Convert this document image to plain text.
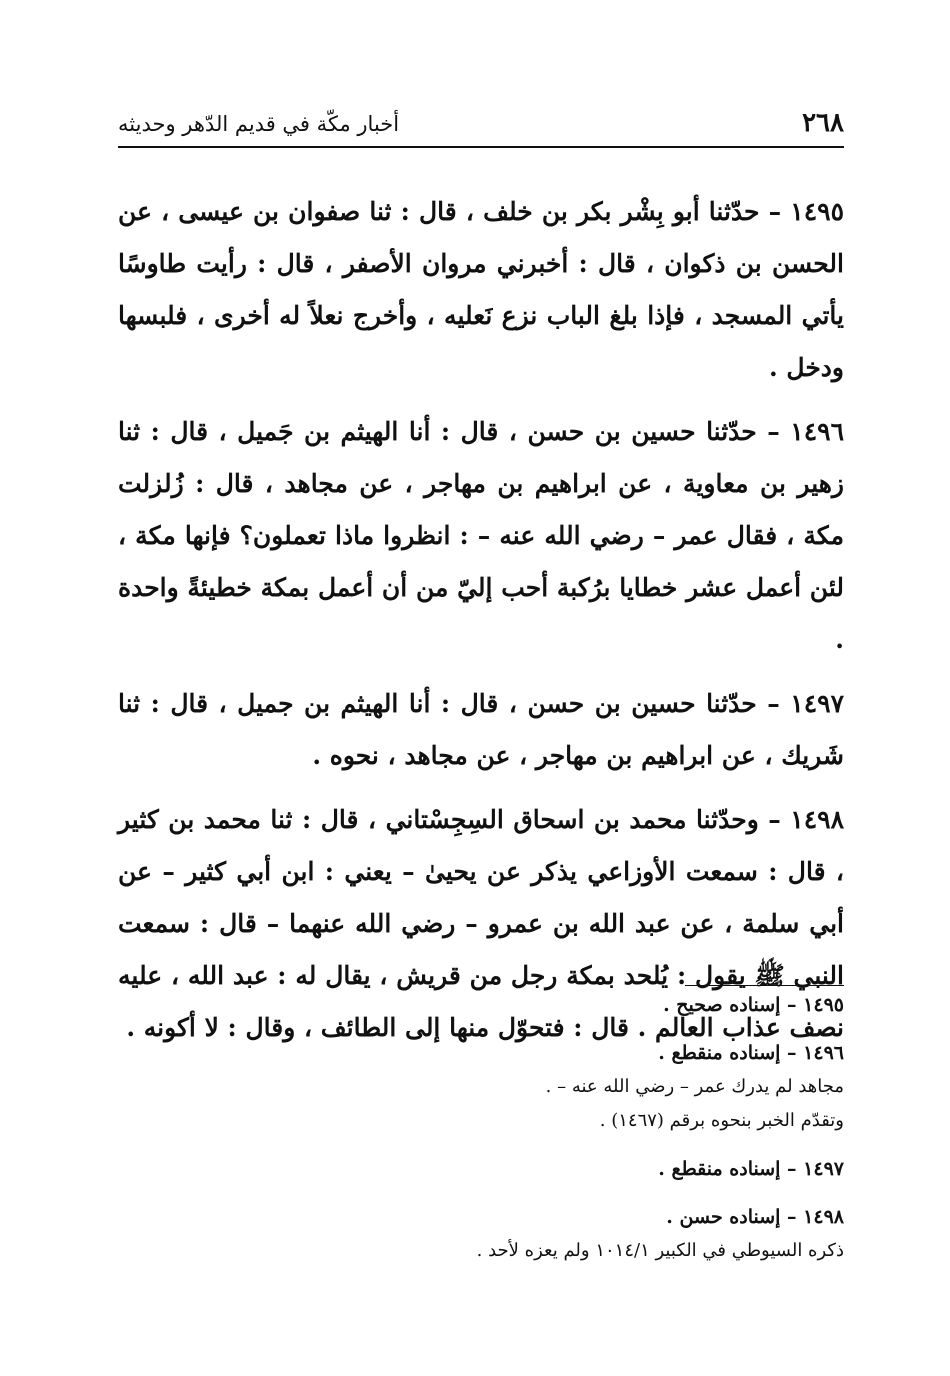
٢٦٨
أخبار مكّة في قديم الدّهر وحديثه

١٤٩٥ – حدّثنا أبو بِشْر بكر بن خلف ، قال : ثنا صفوان بن عيسى ، عن الحسن بن ذكوان ، قال : أخبرني مروان الأصفر ، قال : رأيت طاوسًا يأتي المسجد ، فإذا بلغ الباب نزع نَعليه ، وأخرج نعلاً له أخرى ، فلبسها ودخل .

١٤٩٦ – حدّثنا حسين بن حسن ، قال : أنا الهيثم بن جَميل ، قال : ثنا زهير بن معاوية ، عن ابراهيم بن مهاجر ، عن مجاهد ، قال : زُلزلت مكة ، فقال عمر – رضي الله عنه – : انظروا ماذا تعملون؟ فإنها مكة ، لئن أعمل عشر خطايا برُكبة أحب إليّ من أن أعمل بمكة خطيئةً واحدة .

١٤٩٧ – حدّثنا حسين بن حسن ، قال : أنا الهيثم بن جميل ، قال : ثنا شَريك ، عن ابراهيم بن مهاجر ، عن مجاهد ، نحوه .

١٤٩٨ – وحدّثنا محمد بن اسحاق السِجِسْتاني ، قال : ثنا محمد بن كثير ، قال : سمعت الأوزاعي يذكر عن يحيىٰ – يعني : ابن أبي كثير – عن أبي سلمة ، عن عبد الله بن عمرو – رضي الله عنهما – قال : سمعت النبي ﷺ يقول : يُلحد بمكة رجل من قريش ، يقال له : عبد الله ، عليه نصف عذاب العالم . قال : فتحوّل منها إلى الطائف ، وقال : لا أكونه .

١٤٩٥ – إسناده صحيح .
١٤٩٦ – إسناده منقطع .
مجاهد لم يدرك عمر – رضي الله عنه – .
وتقدّم الخبر بنحوه برقم (١٤٦٧) .
١٤٩٧ – إسناده منقطع .
١٤٩٨ – إسناده حسن .
ذكره السيوطي في الكبير ١٠١٤/١ ولم يعزه لأحد .
